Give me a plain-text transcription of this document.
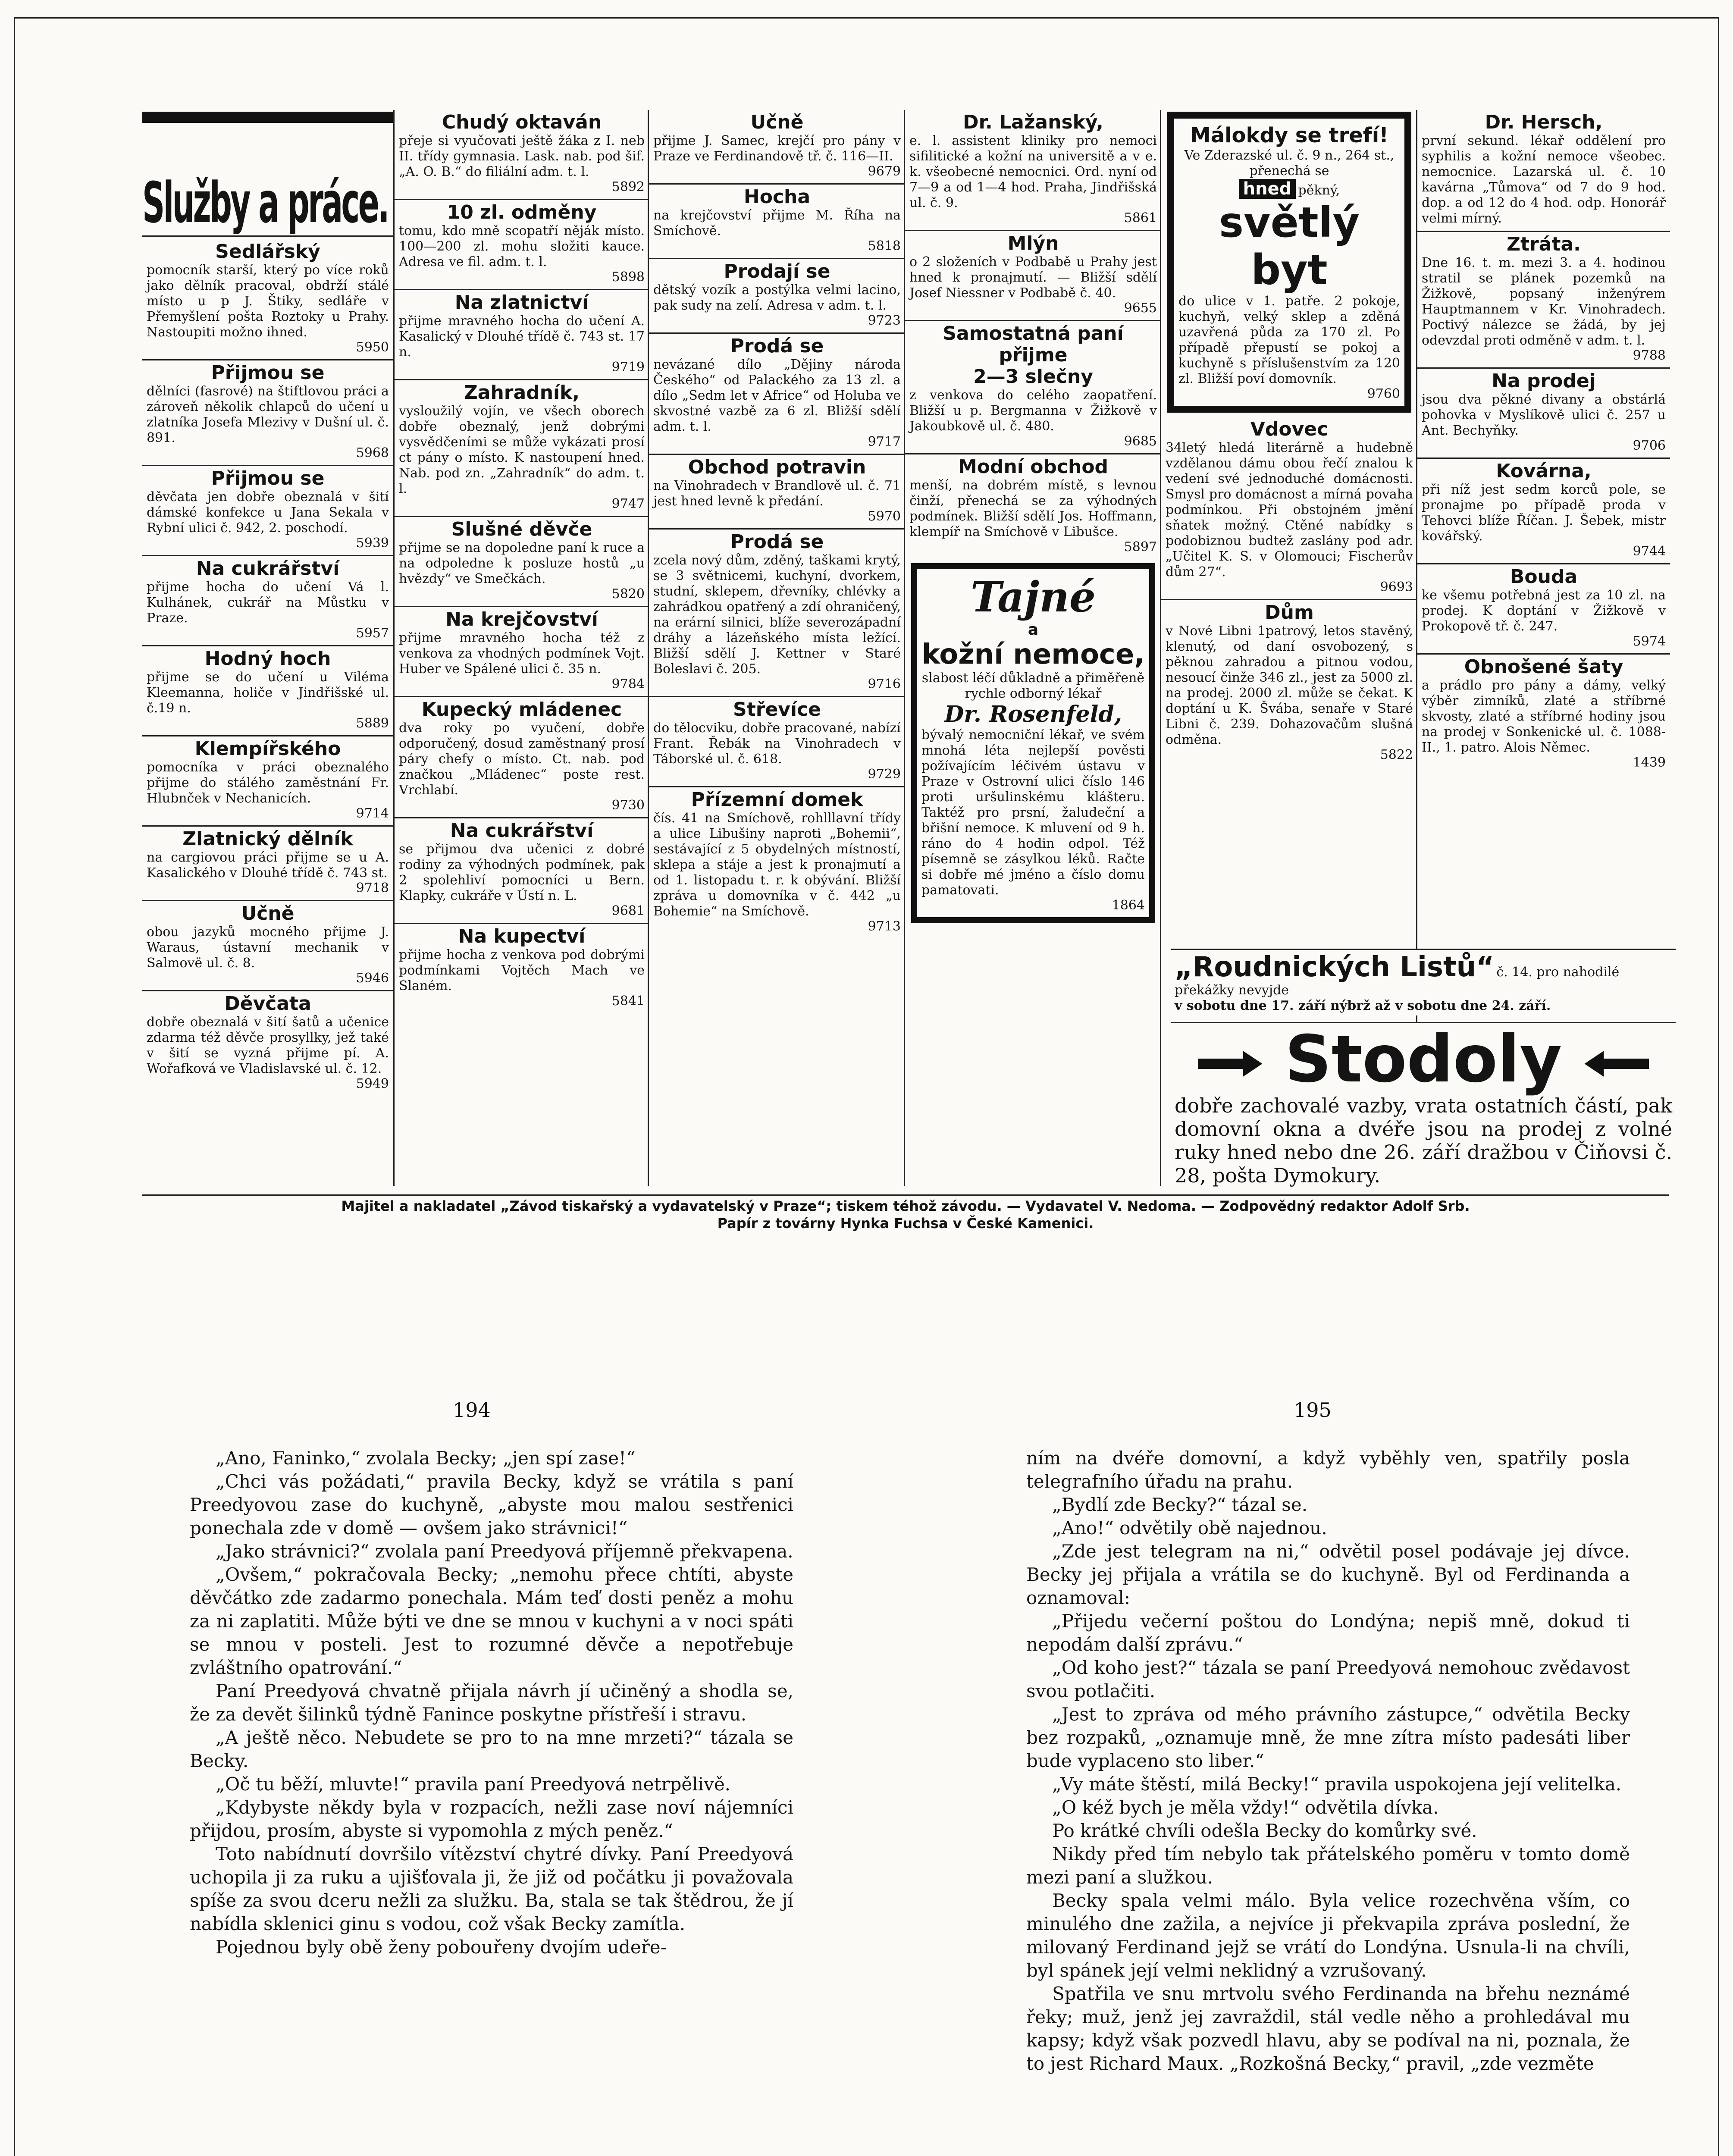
Služby a práce.
Sedlářský
pomocník starší, který po více roků jako dělník pracoval, obdrží stálé místo u p J. Štiky, sedláře v Přemyšlení pošta Roztoky u Prahy. Nastoupiti možno ihned.
5950
Přijmou se
dělníci (fasrové) na štiftlovou práci a zároveň několik chlapců do učení u zlatníka Josefa Mlezivy v Dušní ul. č. 891.
5968
Přijmou se
děvčata jen dobře obeznalá v šití dámské konfekce u Jana Sekala v Rybní ulici č. 942, 2. poschodí.
5939
Na cukrářství
přijme hocha do učení Vá l. Kulhánek, cukrář na Můstku v Praze.
5957
Hodný hoch
přijme se do učení u Vilémа Kleemanna, holiče v Jindřišské ul. č.19 n.
5889
Klempířského
pomocníka v práci obeznalého přijme do stálého zaměstnání Fr. Hlubnček v Nechanicích.
9714
Zlatnický dělník
na cargiovou práci přijme se u A. Kasalického v Dlouhé třídě č. 743 st.
9718
Učně
obou jazyků mocného přijme J. Waraus, ústavní mechanik v Salmovë ul. č. 8.
5946
Děvčata
dobře obeznalá v šití šatů a učenice zdarma též děvče prosyllky, jež také v šití se vyzná přijme pí. A. Wořafková ve Vladislavské ul. č. 12.
5949
Chudý oktaván
přeje si vyučovati ještě žáka z I. neb II. třídy gymnasia. Lask. nab. pod šif. „A. O. B.“ do filiální adm. t. l.
5892
10 zl. odměny
tomu, kdo mně sсopatří něják místo. 100—200 zl. mohu složiti kauce. Adresa ve fil. adm. t. l.
5898
Na zlatnictví
přijme mravného hocha do učení A. Kasalický v Dlouhé třídě č. 743 st. 17 n.
9719
Zahradník,
vysloužilý vojín, ve všech oborech dobře obeznalý, jenž dobrými vysvědčeními se může vykázati prosí ct pány o místo. K nastoupení hned. Nab. pod zn. „Zahradník“ do adm. t. l.
9747
Slušné děvče
přijme se na dopoledne paní k ruce a na odpoledne k posluze hostů „u hvězdy“ ve Smečkách.
5820
Na krejčovství
přijme mravného hocha též z venkova za vhodných podmínek Vojt. Huber ve Spálené ulici č. 35 n.
9784
Kupecký mládenec
dva roky po vyučení, dobře odporučený, dosud zaměstnaný prosí páry chefy o místo. Ct. nab. pod značkou „Mládenec“ poste rest. Vrchlabí.
9730
Na cukrářství
se přijmou dva učenici z dobré rodiny za výhodných podmínek, pak 2 spolehliví pomocníci u Bern. Klapky, cukráře v Ústí n. L.
9681
Na kupectví
přijme hocha z venkova pod dobrými podmínkami Vojtěch Mach ve Slaném.
5841
Učně
přijme J. Samec, krejčí pro pány v Praze ve Ferdinandově tř. č. 116—II.
9679
Hocha
na krejčovství přijme M. Říha na Smíchově.
5818
Prodají se
dětský vozík a postýlka velmi lacino, pak sudy na zelí. Adresa v adm. t. l.
9723
Prodá se
nevázané dílo „Dějiny národa Českého“ od Palackého za 13 zl. a dílo „Sedm let v Africe“ od Holuba ve skvostné vazbě za 6 zl. Bližší sdělí adm. t. l.
9717
Obchod potravin
na Vinohradech v Brandlově ul. č. 71 jest hned levně k předání.
5970
Prodá se
zcela nový dům, zděný, taškami krytý, se 3 světnicemi, kuchyní, dvorkem, studní, sklepem, dřevníky, chlévky a zahrádkou opatřený a zdí ohraničený, na erární silnici, blíže severozápadní dráhy a lázeňského místa ležící. Bližší sdělí J. Kettner v Staré Boleslavi č. 205.
9716
Střevíce
do tělocviku, dobře pracované, nabízí Frant. Řebák na Vinohradech v Táborské ul. č. 618.
9729
Přízemní domek
čís. 41 na Smíchově, rohlllavní třídy a ulice Libušiny naproti „Bohemii“, sestávající z 5 obydelných místností, sklepa a stáje a jest k pronajmutí a od 1. listopadu t. r. k obývání. Bližší zpráva u domovníka v č. 442 „u Bohemie“ na Smíchově.
9713
Dr. Lažanský,
e. l. assistent kliniky pro nemoci sifilitické a kožní na universitě a v e. k. všeobecné nemocnici. Ord. nyní od 7—9 a od 1—4 hod. Praha, Jindřišská ul. č. 9.
5861
Mlýn
o 2 složeních v Podbabě u Prahy jest hned k pronajmutí. — Bližší sdělí Josef Niessner v Podbabě č. 40.
9655
Samostatná paní přijme
2—3 slečny
z venkova do celého zaopatření. Bližší u p. Bergmanna v Žižkově v Jakoubkově ul. č. 480.
9685
Modní obchod
menší, na dobrém místě, s levnou činží, přenechá se za výhodných podmínek. Bližší sdělí Jos. Hoffmann, klempíř na Smíchově v Libušce.
5897
Tajné
a
kožní nemoce,
slabost léčí důkladně a přiměřeně rychle odborný lékař
Dr. Rosenfeld,
bývalý nemocniční lékař, ve svém mnohá léta nejlepší pověsti požívajícím léčivém ústavu v Praze v Ostrovní ulici číslo 146 proti uršulinskému klášteru. Taktéž pro prsní, žaludeční a břišní nemoce. K mluvení od 9 h. ráno do 4 hodin odpol. Též písemně se zásylkou léků. Račte si dobře mé jméno a číslo domu pamatovati.
1864
Málokdy se trefí!
Ve Zderazské ul. č. 9 n., 264 st., přenechá se
hned pěkný,
světlý byt
do ulice v 1. patře. 2 pokoje, kuchyň, velký sklep a zděná uzavřená půda za 170 zl. Po případě přepustí se pokoj a kuchyně s příslušenstvím za 120 zl. Bližší poví domovník.
9760
Vdovec
34letý hledá literárně a hudebně vzdělanou dámu obou řečí znalou k vedení své jednoduché domácnosti. Smysl pro domácnost a mírná povaha podmínkou. Při obstojném jmění sňatek možný. Ctěné nabídky s podobiznou budtež zaslány pod adr. „Učitel K. S. v Olomouci; Fischerův dům 27“.
9693
Dům
v Nové Libni 1patrový, letos stavěný, klenutý, od daní osvobozený, s pěknou zahradou a pitnou vodou, nesoucí činže 346 zl., jest za 5000 zl. na prodej. 2000 zl. může se čekat. K doptání u K. Švába, senaře v Staré Libni č. 239. Dohazovačům slušná odměna.
5822
Dr. Hersch,
první sekund. lékař oddělení pro syphilis a kožní nemoce všeobec. nemocnice. Lazarská ul. č. 10 kavárna „Tůmova“ od 7 do 9 hod. dop. a od 12 do 4 hod. odp. Honorář velmi mírný.
Ztráta.
Dne 16. t. m. mezi 3. a 4. hodinou stratil se plánek pozemků na Žižkově, popsaný inženýrem Hauptmannem v Kr. Vinohradech. Poctivý nálezce se žádá, by jej odevzdal proti odměně v adm. t. l.
9788
Na prodej
jsou dva pěkné divany a obstárlá pohovka v Myslíkově ulici č. 257 u Ant. Bechyňky.
9706
Kovárna,
při níž jest sedm korců pole, se pronajme po případě proda v Tehovci blíže Říčan. J. Šebek, mistr kovářský.
9744
Bouda
ke všemu potřebná jest za 10 zl. na prodej. K doptání v Žižkově v Prokopově tř. č. 247.
5974
Obnošené šaty
a prádlo pro pány a dámy, velký výběr zimníků, zlaté a stříbrné skvosty, zlaté a stříbrné hodiny jsou na prodej v Sonkenické ul. č. 1088-II., 1. patro. Alois Němec.
1439
„Roudnických Listů“ č. 14. pro nahodilé překážky nevyjde
v sobotu dne 17. září nýbrž až v sobotu dne 24. září.
Stodoly
dobře zachovalé vazby, vrata ostatních částí, pak domovní okna a dvéře jsou na prodej z volné ruky hned nebo dne 26. září dražbou v Čiňovsi č. 28, pošta Dymokury.
Majitel a nakladatel „Závod tiskařský a vydavatelský v Praze“; tiskem téhož závodu. — Vydavatel V. Nedoma. — Zodpovědný redaktor Adolf Srb.
Papír z továrny Hynka Fuchsa v České Kamenici.
194	195

„Ano, Faninko,“ zvolala Becky; „jen spí zase!“

„Chci vás požádati,“ pravila Becky, když se vrátila s paní Preedyovou zase do kuchyně, „abyste mou malou sestřenici ponechala zde v domě — ovšem jako strávnici!“

„Jako strávnici?“ zvolala paní Preedyová příjemně překvapena.

„Ovšem,“ pokračovala Becky; „nemohu přece chtíti, abyste děvčátko zde zadarmo ponechala. Mám teď dosti peněz a mohu za ni zaplatiti. Může býti ve dne se mnou v kuchyni a v noci spáti se mnou v posteli. Jest to rozumné děvče a nepotřebuje zvláštního opatrování.“

Paní Preedyová chvatně přijala návrh jí učiněný a shodla se, že za devět šilinků týdně Fanince poskytne přístřeší i stravu.

„A ještě něco. Nebudete se pro to na mne mrzeti?“ tázala se Becky.

„Oč tu běží, mluvte!“ pravila paní Preedyová netrpělivě.

„Kdybyste někdy byla v rozpacích, nežli zase noví nájemníci přijdou, prosím, abyste si vypomohla z mých peněz.“

Toto nabídnutí dovršilo vítězství chytré dívky. Paní Preedyová uchopila ji za ruku a ujišťovala ji, že již od počátku ji považovala spíše za svou dceru nežli za služku. Ba, stala se tak štědrou, že jí nabídla sklenici ginu s vodou, což však Becky zamítla.

Pojednou byly obě ženy pobouřeny dvojím udeře-

ním na dvéře domovní, a když vyběhly ven, spatřily posla telegrafního úřadu na prahu.

„Bydlí zde Becky?“ tázal se.

„Ano!“ odvětily obě najednou.

„Zde jest telegram na ni,“ odvětil posel podávaje jej dívce. Becky jej přijala a vrátila se do kuchyně. Byl od Ferdinanda a oznamoval:

„Přijedu večerní poštou do Londýna; nepiš mně, dokud ti nepodám další zprávu.“

„Od koho jest?“ tázala se paní Preedyová nemohouc zvědavost svou potlačiti.

„Jest to zpráva od mého právního zástupce,“ odvětila Becky bez rozpaků, „oznamuje mně, že mne zítra místo padesáti liber bude vyplaceno sto liber.“

„Vy máte štěstí, milá Becky!“ pravila uspokojena její velitelka.

„O kéž bych je měla vždy!“ odvětila dívka.

Po krátké chvíli odešla Becky do komůrky své.

Nikdy před tím nebylo tak přátelského poměru v tomto domě mezi paní a služkou.

Becky spala velmi málo. Byla velice rozechvěna vším, co minulého dne zažila, a nejvíce ji překvapila zpráva poslední, že milovaný Ferdinand jejž se vrátí do Londýna. Usnula-li na chvíli, byl spánek její velmi neklidný a vzrušovaný.

Spatřila ve snu mrtvolu svého Ferdinanda na břehu neznámé řeky; muž, jenž jej zavraždil, stál vedle něho a prohledával mu kapsy; když však pozvedl hlavu, aby se podíval na ni, poznala, že to jest Richard Maux. „Rozkošná Becky,“ pravil, „zde vezměte
